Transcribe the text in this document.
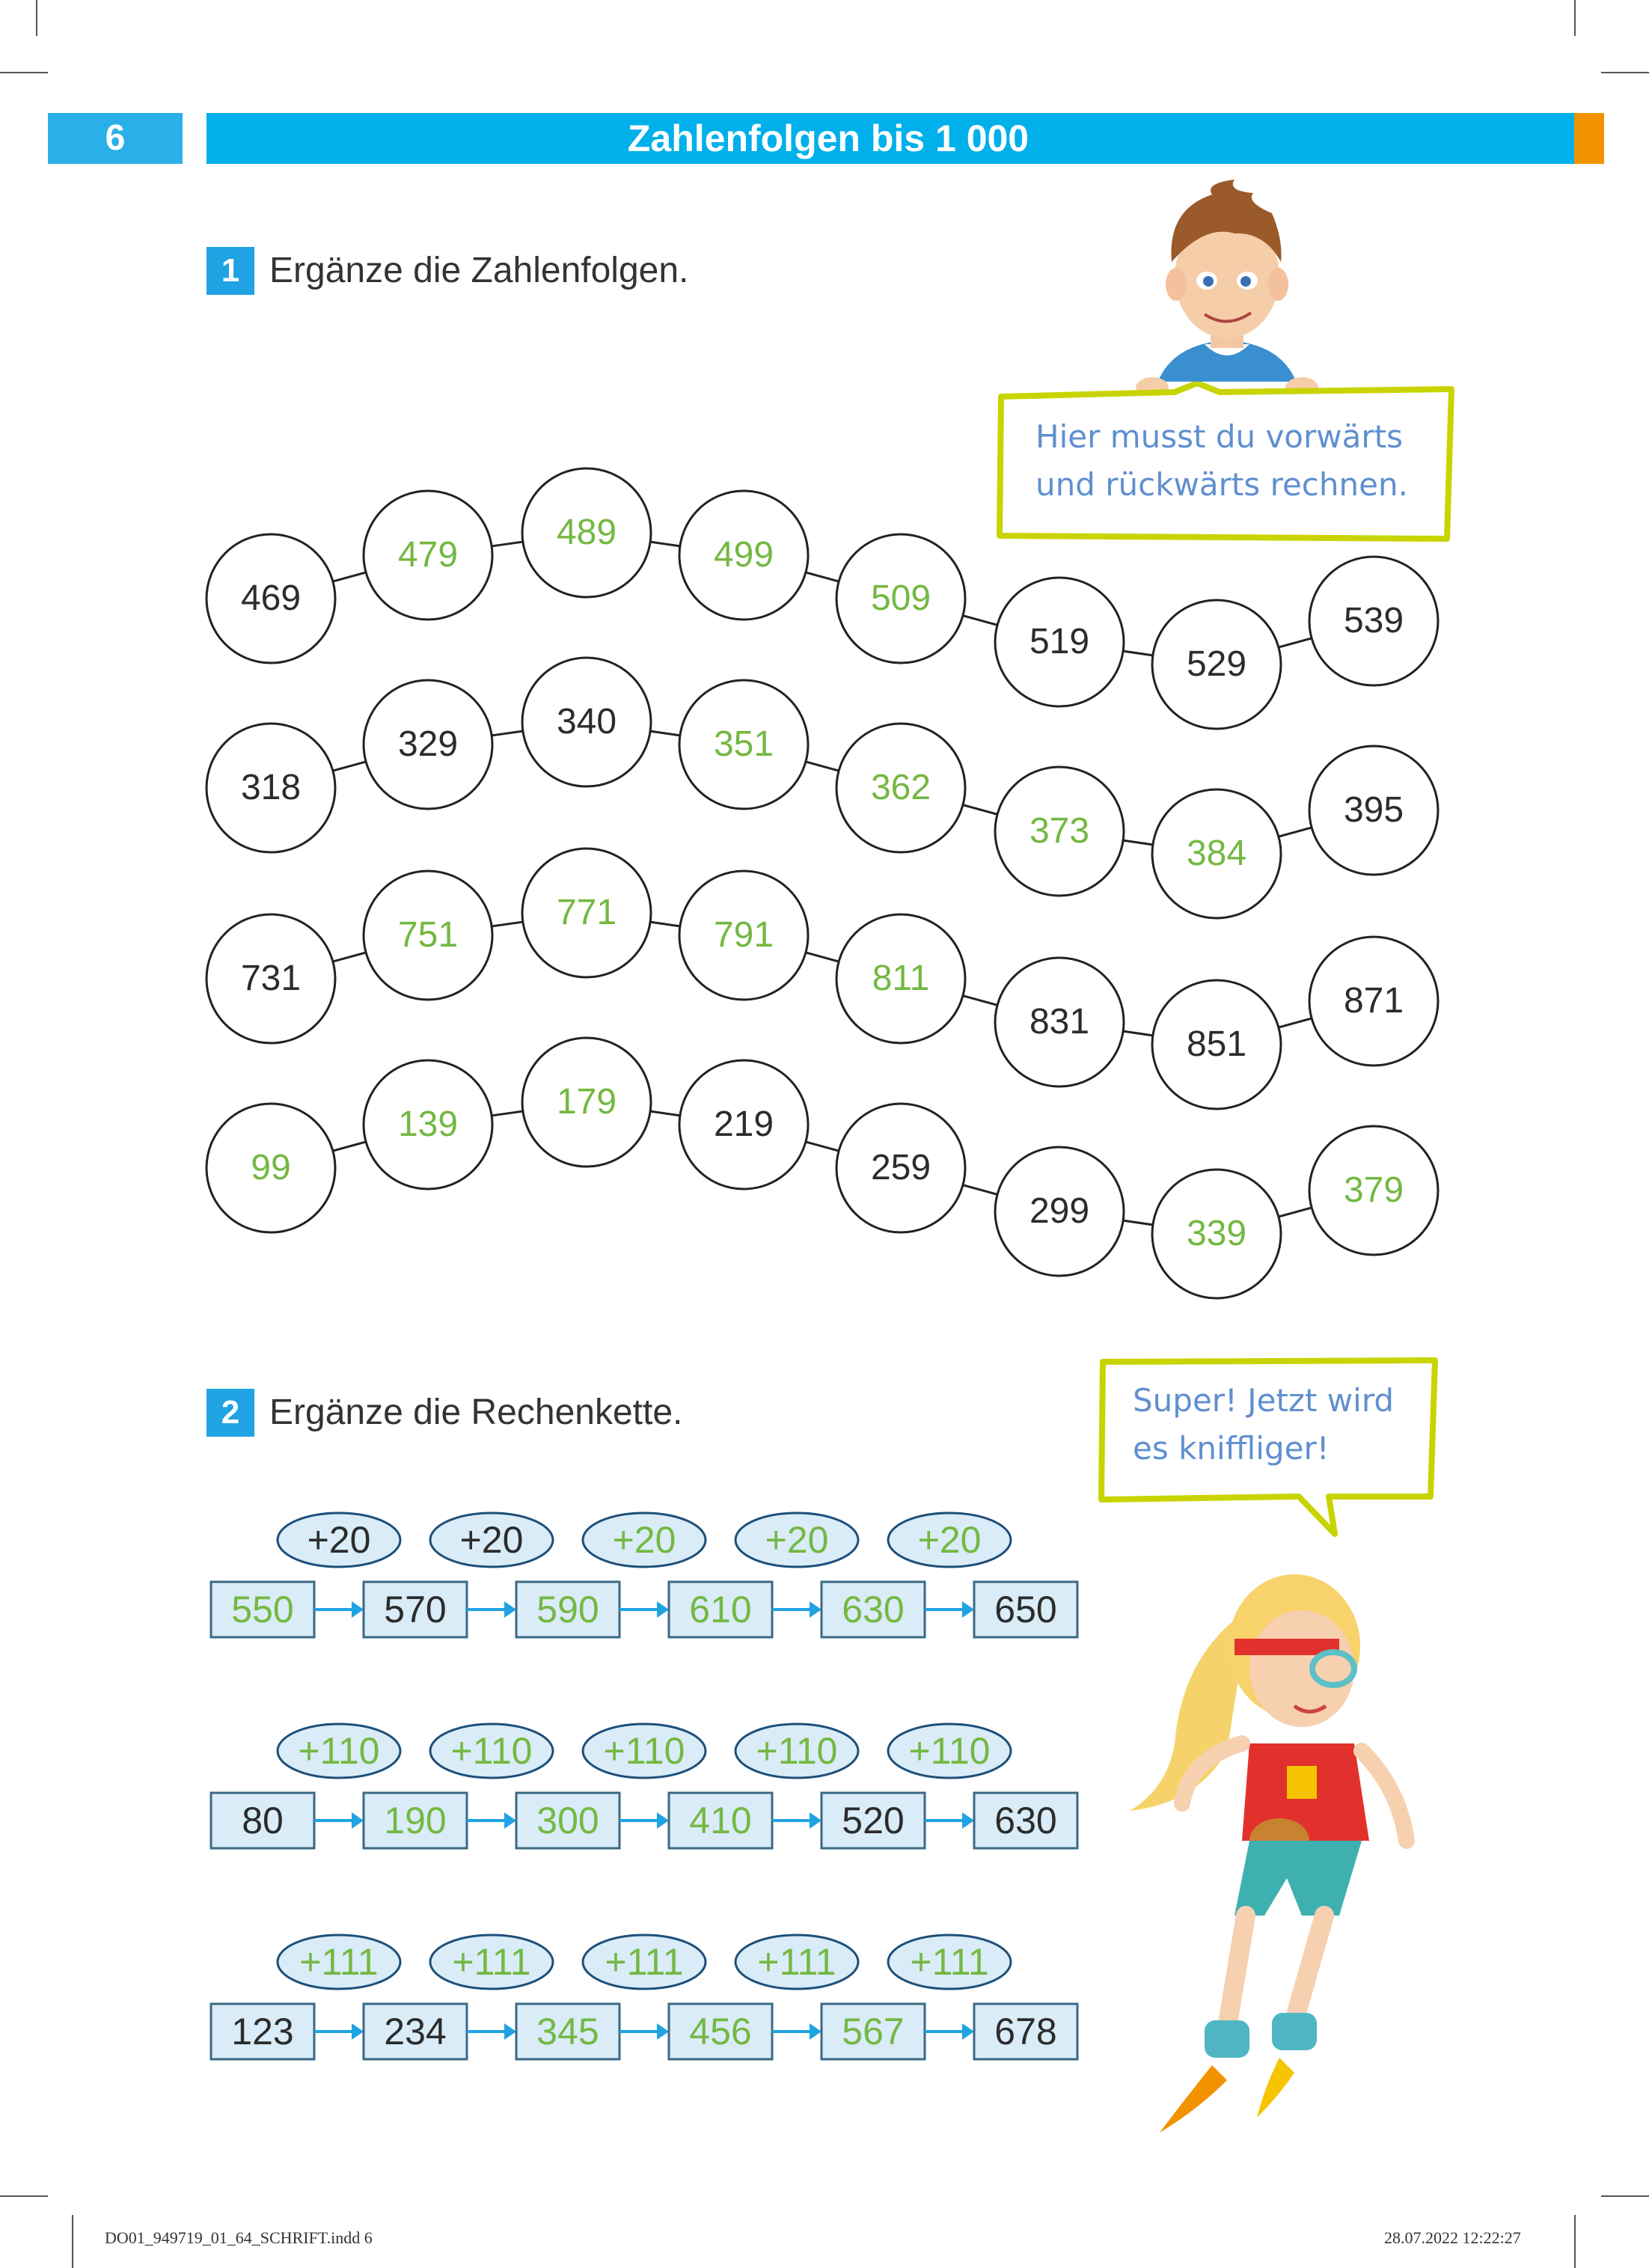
6	Zahlenfolgen bis 1 000
1 Ergänze die Zahlenfolgen.
Hier musst du vorwärts
und rückwärts rechnen.
469
479
489
499
509
519
529
539
318
329
340
351
362
373
384
395
731
751
771
791
811
831
851
871
99
139
179
219
259
299
339
379
2 Ergänze die Rechenkette.	Super! Jetzt wird
es kniffliger!
550	570	590	610	630	650
+20	+20	+20	+20	+20
80	190	300	410	520	630
+110	+110	+110	+110	+110
123	234	345	456	567	678
+111	+111	+111	+111	+111
DO01_949719_01_64_SCHRIFT.indd 6	28.07.2022 12:22:27
